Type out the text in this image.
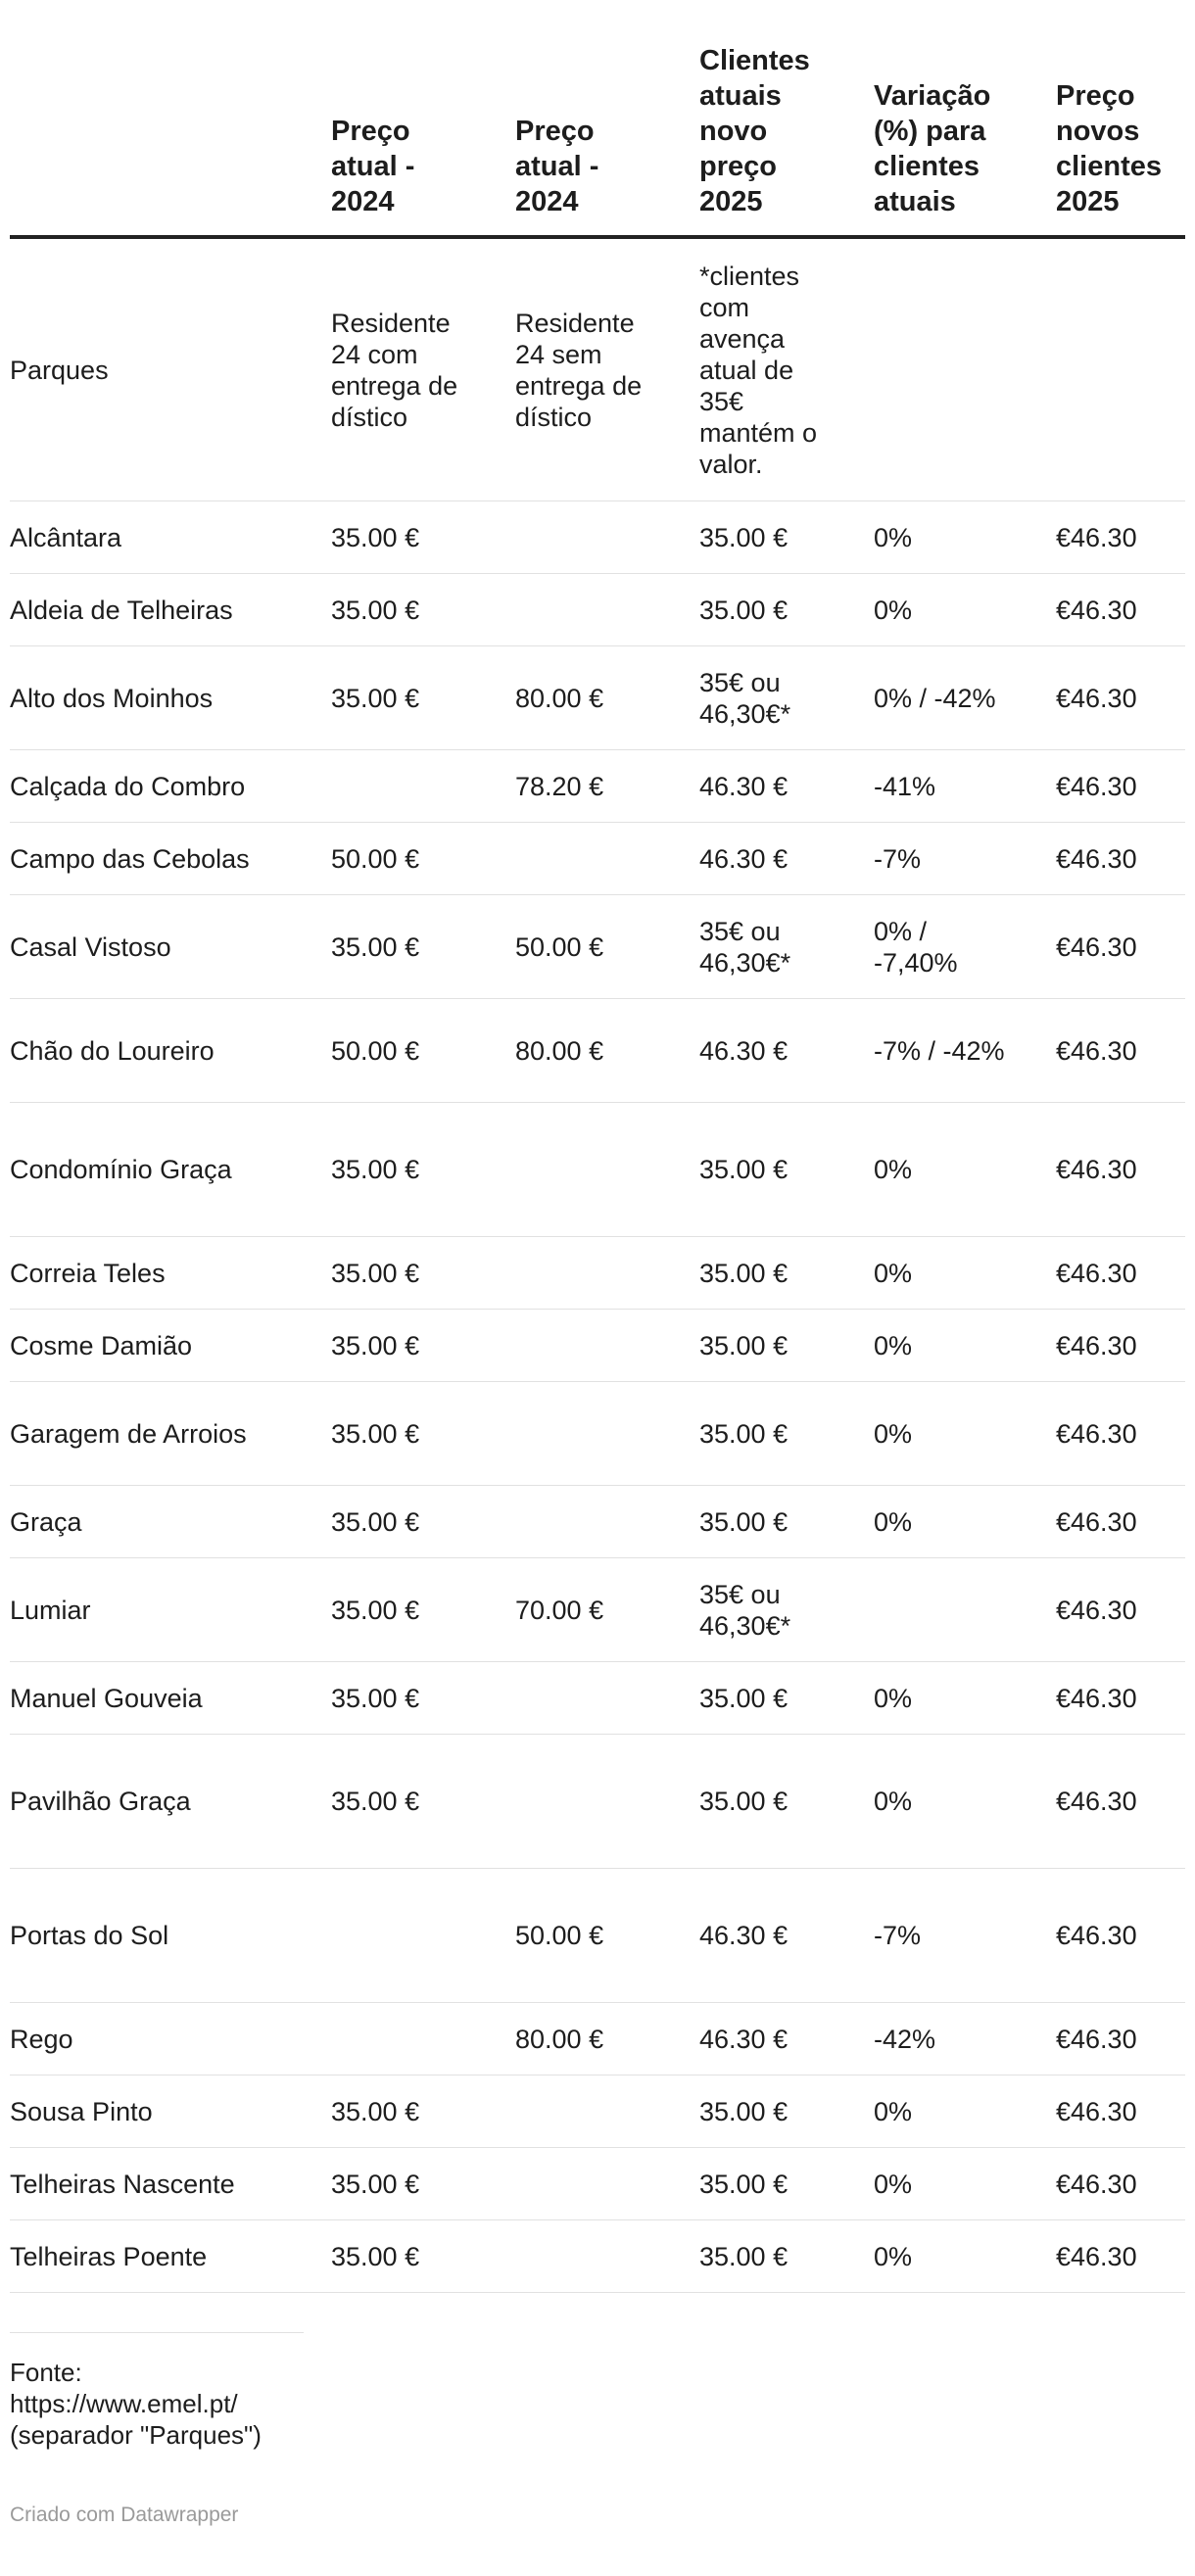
	Preço atual - 2024	Preço atual - 2024	Clientes atuais novo preço 2025	Variação (%) para clientes atuais	Preço novos clientes 2025
Parques	Residente 24 com entrega de dístico	Residente 24 sem entrega de dístico	*clientes com avença atual de 35€ mantém o valor.		
Alcântara	35.00 €		35.00 €	0%	€46.30
Aldeia de Telheiras	35.00 €		35.00 €	0%	€46.30
Alto dos Moinhos	35.00 €	80.00 €	35€ ou 46,30€*	0% / -42%	€46.30
Calçada do Combro		78.20 €	46.30 €	-41%	€46.30
Campo das Cebolas	50.00 €		46.30 €	-7%	€46.30
Casal Vistoso	35.00 €	50.00 €	35€ ou 46,30€*	0% / -7,40%	€46.30
Chão do Loureiro	50.00 €	80.00 €	46.30 €	-7% / -42%	€46.30
Condomínio Graça	35.00 €		35.00 €	0%	€46.30
Correia Teles	35.00 €		35.00 €	0%	€46.30
Cosme Damião	35.00 €		35.00 €	0%	€46.30
Garagem de Arroios	35.00 €		35.00 €	0%	€46.30
Graça	35.00 €		35.00 €	0%	€46.30
Lumiar	35.00 €	70.00 €	35€ ou 46,30€*		€46.30
Manuel Gouveia	35.00 €		35.00 €	0%	€46.30
Pavilhão Graça	35.00 €		35.00 €	0%	€46.30
Portas do Sol		50.00 €	46.30 €	-7%	€46.30
Rego		80.00 €	46.30 €	-42%	€46.30
Sousa Pinto	35.00 €		35.00 €	0%	€46.30
Telheiras Nascente	35.00 €		35.00 €	0%	€46.30
Telheiras Poente	35.00 €		35.00 €	0%	€46.30
Fonte: https://www.emel.pt/ (separador "Parques")
Criado com Datawrapper
